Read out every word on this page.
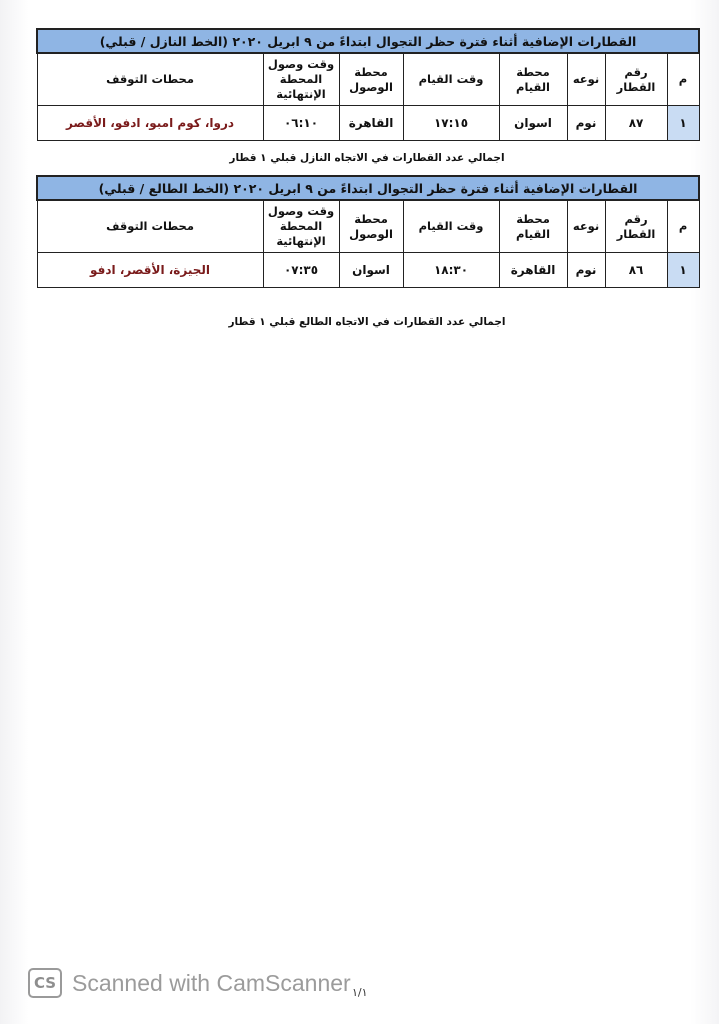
القطارات الإضافية أثناء فترة حظر التجوال ابتداءً من ٩ ابريل ٢٠٢٠ (الخط النازل / قبلي)							
م	رقم القطار	نوعه	محطة القيام	وقت القيام	محطة الوصول	وقت وصول المحطة الإنتهائية	محطات التوقف
١	٨٧	نوم	اسوان	١٧:١٥	القاهرة	٠٦:١٠	دروا، كوم امبو، ادفو، الأقصر
اجمالي عدد القطارات في الاتجاه النازل قبلي ١ قطار
القطارات الإضافية أثناء فترة حظر التجوال ابتداءً من ٩ ابريل ٢٠٢٠ (الخط الطالع / قبلي)							
م	رقم القطار	نوعه	محطة القيام	وقت القيام	محطة الوصول	وقت وصول المحطة الإنتهائية	محطات التوقف
١	٨٦	نوم	القاهرة	١٨:٣٠	اسوان	٠٧:٣٥	الجيزة، الأقصر، ادفو
اجمالي عدد القطارات في الاتجاه الطالع قبلي ١ قطار
CS Scanned with CamScanner ١/١
